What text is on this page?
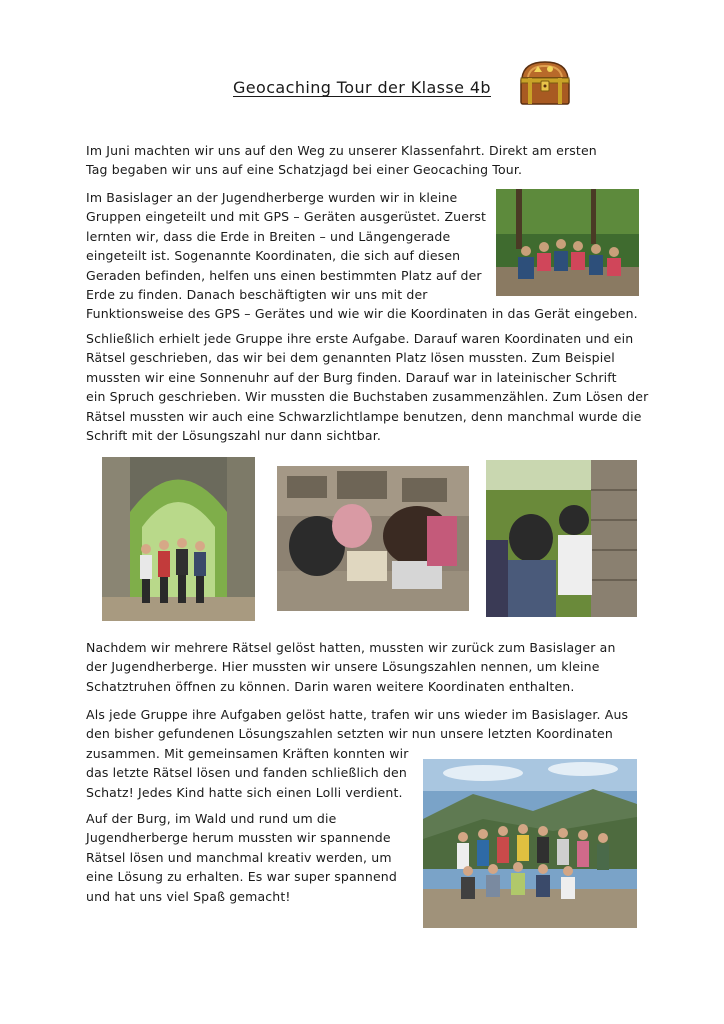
Geocaching Tour der Klasse 4b
Im Juni machten wir uns auf den Weg zu unserer Klassenfahrt. Direkt am ersten
Tag begaben wir uns auf eine Schatzjagd bei einer Geocaching Tour.
Im Basislager an der Jugendherberge wurden wir in kleine
Gruppen eingeteilt und mit GPS – Geräten ausgerüstet. Zuerst
lernten wir, dass die Erde in Breiten – und Längengerade
eingeteilt ist. Sogenannte Koordinaten, die sich auf diesen
Geraden befinden, helfen uns einen bestimmten Platz auf der
Erde zu finden. Danach beschäftigten wir uns mit der
Funktionsweise des GPS – Gerätes und wie wir die Koordinaten in das Gerät eingeben.
Schließlich erhielt jede Gruppe ihre erste Aufgabe. Darauf waren Koordinaten und ein
Rätsel geschrieben, das wir bei dem genannten Platz lösen mussten. Zum Beispiel
mussten wir eine Sonnenuhr auf der Burg finden. Darauf war in lateinischer Schrift
ein Spruch geschrieben. Wir mussten die Buchstaben zusammenzählen. Zum Lösen der
Rätsel mussten wir auch eine Schwarzlichtlampe benutzen, denn manchmal wurde die
Schrift mit der Lösungszahl nur dann sichtbar.
Nachdem wir mehrere Rätsel gelöst hatten, mussten wir zurück zum Basislager an
der Jugendherberge. Hier mussten wir unsere Lösungszahlen nennen, um kleine
Schatztruhen öffnen zu können. Darin waren weitere Koordinaten enthalten.
Als jede Gruppe ihre Aufgaben gelöst hatte, trafen wir uns wieder im Basislager. Aus
den bisher gefundenen Lösungszahlen setzten wir nun unsere letzten Koordinaten
zusammen. Mit gemeinsamen Kräften konnten wir
das letzte Rätsel lösen und fanden schließlich den
Schatz! Jedes Kind hatte sich einen Lolli verdient.
Auf der Burg, im Wald und rund um die
Jugendherberge herum mussten wir spannende
Rätsel lösen und manchmal kreativ werden, um
eine Lösung zu erhalten. Es war super spannend
und hat uns viel Spaß gemacht!
